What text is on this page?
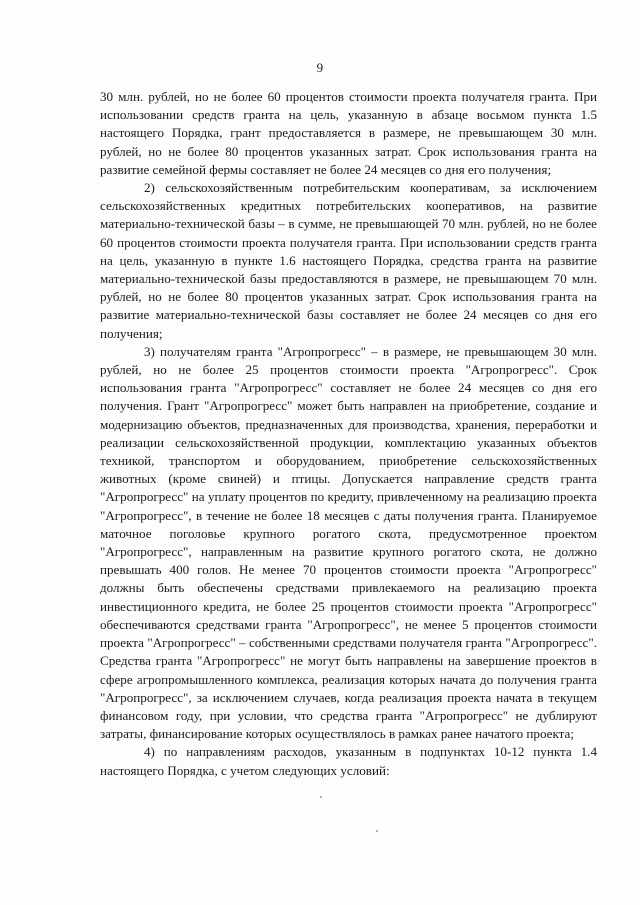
9

30 млн. рублей, но не более 60 процентов стоимости проекта получателя гранта. При использовании средств гранта на цель, указанную в абзаце восьмом пункта 1.5 настоящего Порядка, грант предоставляется в размере, не превышающем 30 млн. рублей, но не более 80 процентов указанных затрат. Срок использования гранта на развитие семейной фермы составляет не более 24 месяцев со дня его получения;

2) сельскохозяйственным потребительским кооперативам, за исключением сельскохозяйственных кредитных потребительских кооперативов, на развитие материально-технической базы – в сумме, не превышающей 70 млн. рублей, но не более 60 процентов стоимости проекта получателя гранта. При использовании средств гранта на цель, указанную в пункте 1.6 настоящего Порядка, средства гранта на развитие материально-технической базы предоставляются в размере, не превышающем 70 млн. рублей, но не более 80 процентов указанных затрат. Срок использования гранта на развитие материально-технической базы составляет не более 24 месяцев со дня его получения;

3) получателям гранта "Агропрогресс" – в размере, не превышающем 30 млн. рублей, но не более 25 процентов стоимости проекта "Агропрогресс". Срок использования гранта "Агропрогресс" составляет не более 24 месяцев со дня его получения. Грант "Агропрогресс" может быть направлен на приобретение, создание и модернизацию объектов, предназначенных для производства, хранения, переработки и реализации сельскохозяйственной продукции, комплектацию указанных объектов техникой, транспортом и оборудованием, приобретение сельскохозяйственных животных (кроме свиней) и птицы. Допускается направление средств гранта "Агропрогресс" на уплату процентов по кредиту, привлеченному на реализацию проекта "Агропрогресс", в течение не более 18 месяцев с даты получения гранта. Планируемое маточное поголовье крупного рогатого скота, предусмотренное проектом "Агропрогресс", направленным на развитие крупного рогатого скота, не должно превышать 400 голов. Не менее 70 процентов стоимости проекта "Агропрогресс" должны быть обеспечены средствами привлекаемого на реализацию проекта инвестиционного кредита, не более 25 процентов стоимости проекта "Агропрогресс" обеспечиваются средствами гранта "Агропрогресс", не менее 5 процентов стоимости проекта "Агропрогресс" – собственными средствами получателя гранта "Агропрогресс". Средства гранта "Агропрогресс" не могут быть направлены на завершение проектов в сфере агропромышленного комплекса, реализация которых начата до получения гранта "Агропрогресс", за исключением случаев, когда реализация проекта начата в текущем финансовом году, при условии, что средства гранта "Агропрогресс" не дублируют затраты, финансирование которых осуществлялось в рамках ранее начатого проекта;

4) по направлениям расходов, указанным в подпунктах 10-12 пункта 1.4 настоящего Порядка, с учетом следующих условий:
